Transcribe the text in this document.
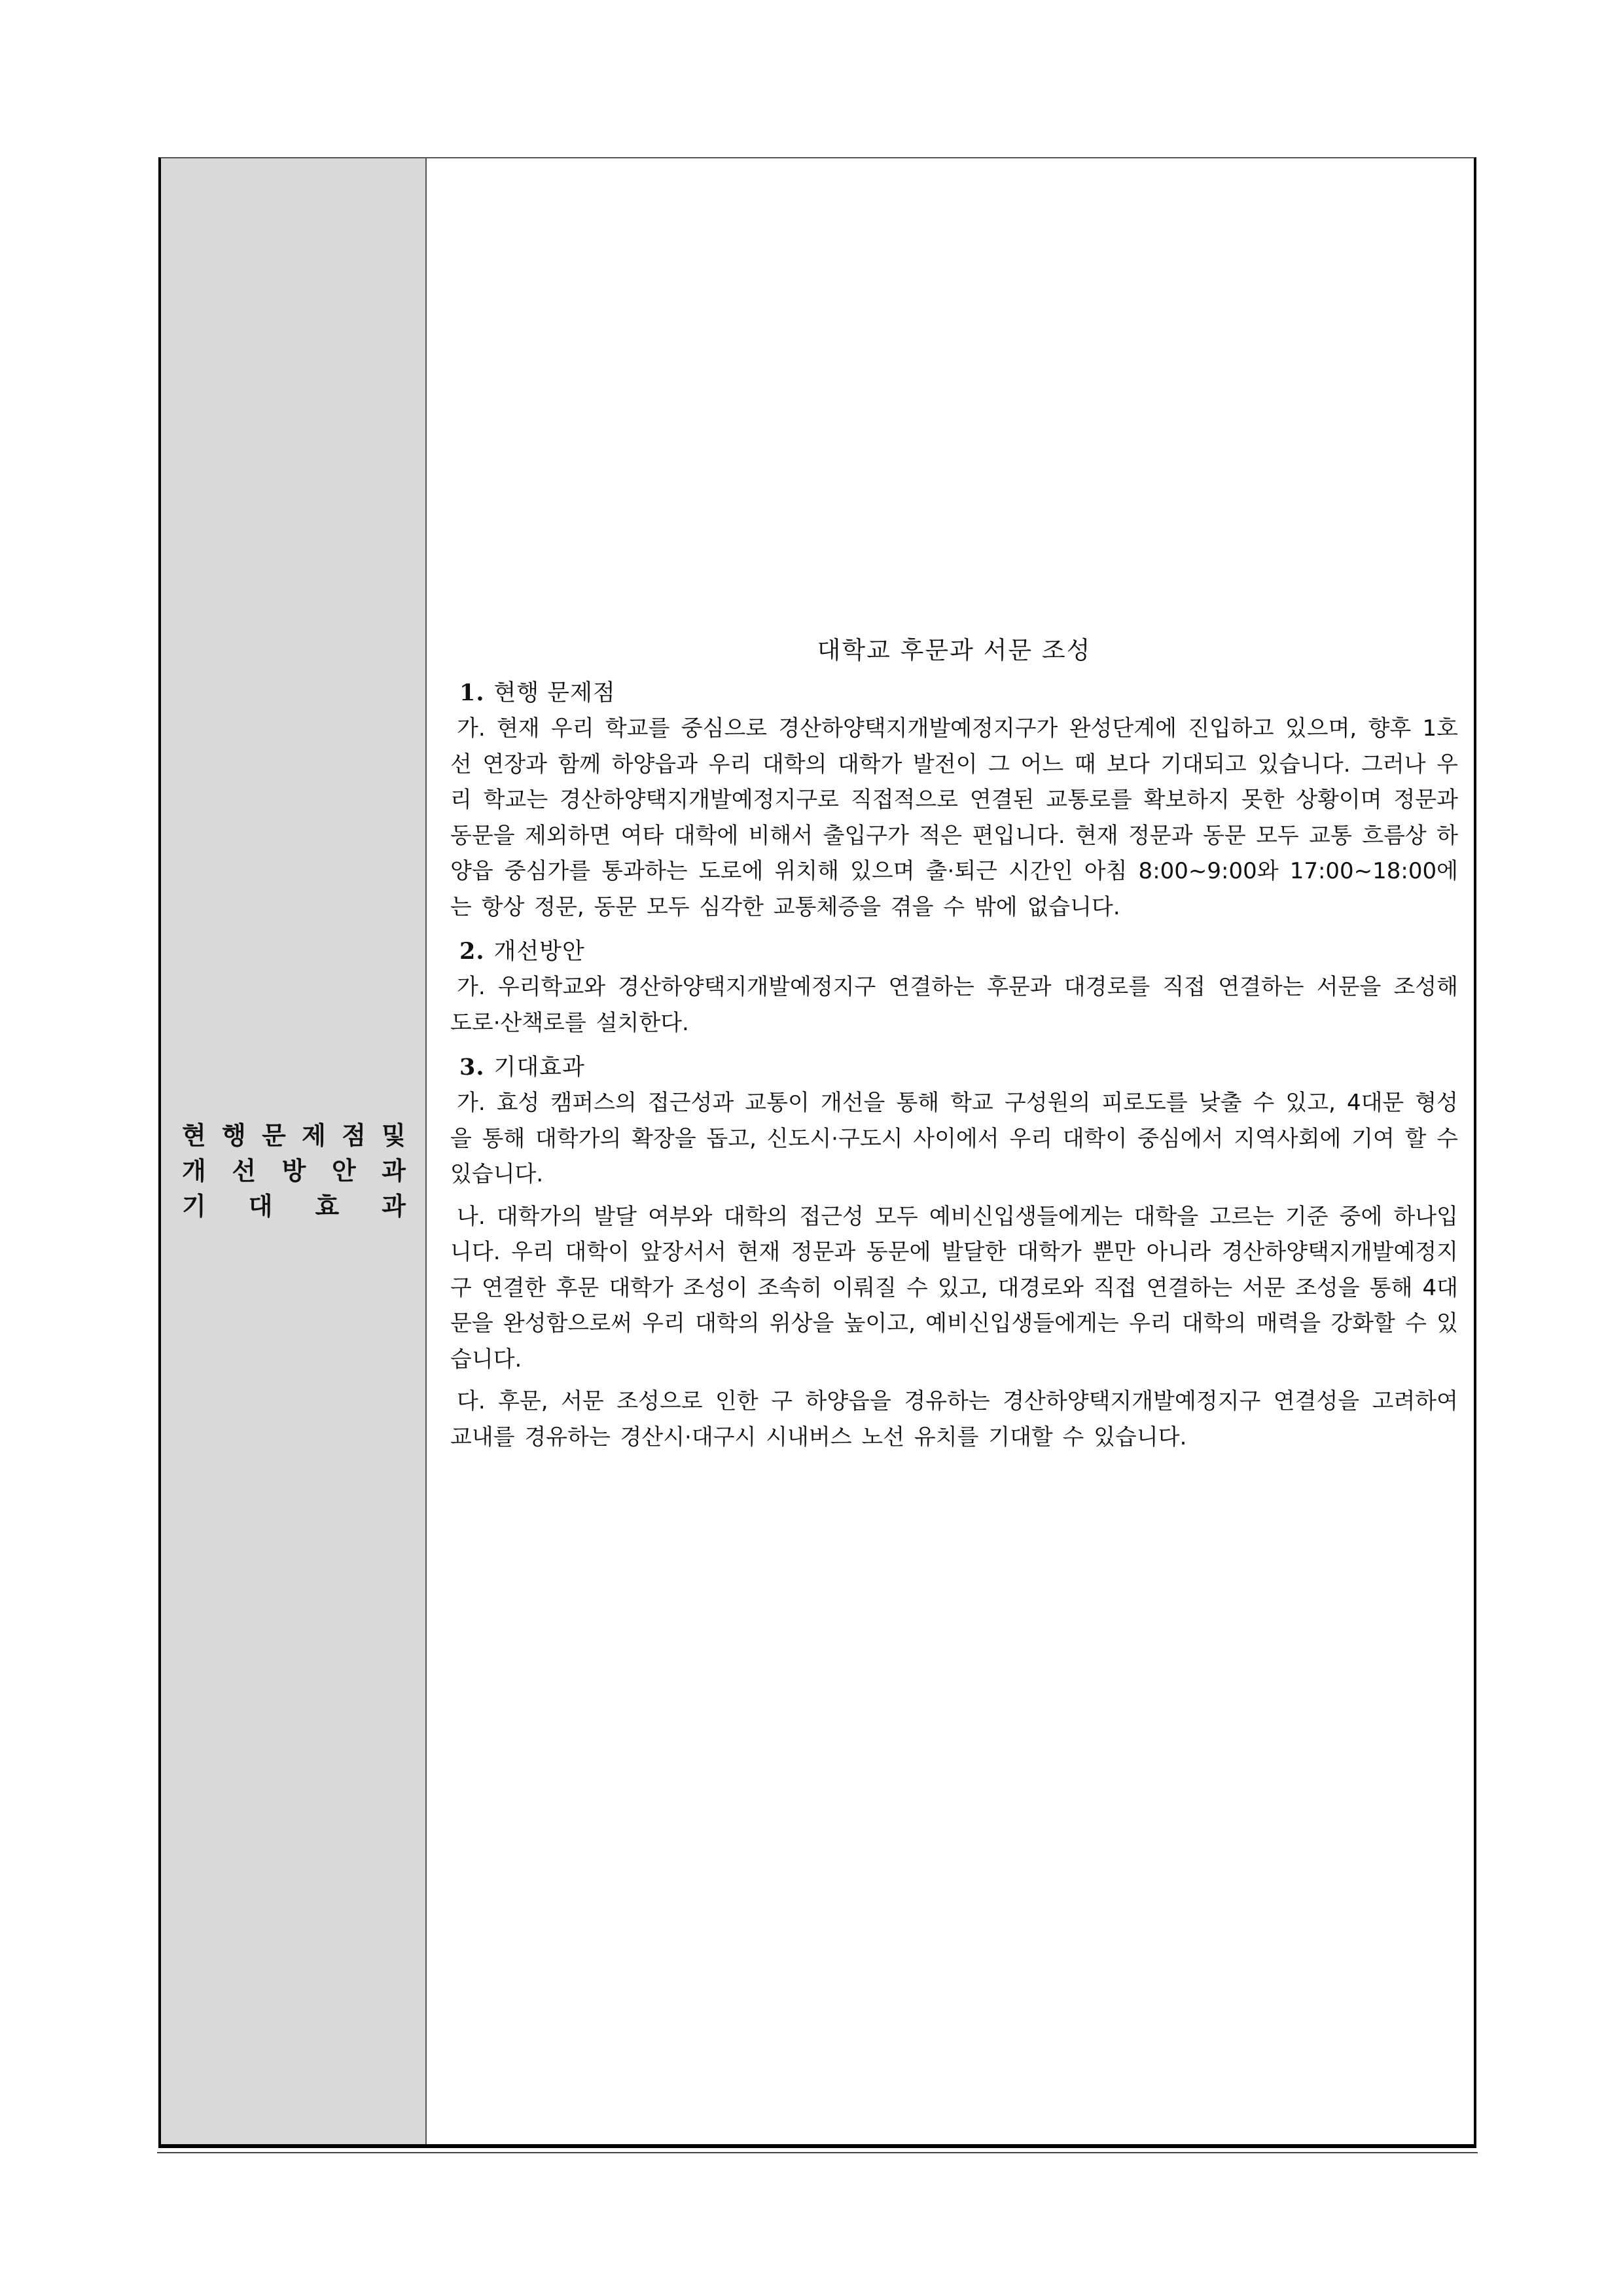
현 행 문 제 점 및
개 선 방 안 과
기 대 효 과
대학교 후문과 서문 조성
1. 현행 문제점

가. 현재 우리 학교를 중심으로 경산하양택지개발예정지구가 완성단계에 진입하고 있으며, 향후 1호선 연장과 함께 하양읍과 우리 대학의 대학가 발전이 그 어느 때 보다 기대되고 있습니다. 그러나 우리 학교는 경산하양택지개발예정지구로 직접적으로 연결된 교통로를 확보하지 못한 상황이며 정문과 동문을 제외하면 여타 대학에 비해서 출입구가 적은 편입니다. 현재 정문과 동문 모두 교통 흐름상 하양읍 중심가를 통과하는 도로에 위치해 있으며 출·퇴근 시간인 아침 8:00~9:00와 17:00~18:00에는 항상 정문, 동문 모두 심각한 교통체증을 겪을 수 밖에 없습니다.

2. 개선방안

가. 우리학교와 경산하양택지개발예정지구 연결하는 후문과 대경로를 직접 연결하는 서문을 조성해 도로·산책로를 설치한다.

3. 기대효과

가. 효성 캠퍼스의 접근성과 교통이 개선을 통해 학교 구성원의 피로도를 낮출 수 있고, 4대문 형성을 통해 대학가의 확장을 돕고, 신도시·구도시 사이에서 우리 대학이 중심에서 지역사회에 기여 할 수 있습니다.

나. 대학가의 발달 여부와 대학의 접근성 모두 예비신입생들에게는 대학을 고르는 기준 중에 하나입니다. 우리 대학이 앞장서서 현재 정문과 동문에 발달한 대학가 뿐만 아니라 경산하양택지개발예정지구 연결한 후문 대학가 조성이 조속히 이뤄질 수 있고, 대경로와 직접 연결하는 서문 조성을 통해 4대문을 완성함으로써 우리 대학의 위상을 높이고, 예비신입생들에게는 우리 대학의 매력을 강화할 수 있습니다.

다. 후문, 서문 조성으로 인한 구 하양읍을 경유하는 경산하양택지개발예정지구 연결성을 고려하여 교내를 경유하는 경산시·대구시 시내버스 노선 유치를 기대할 수 있습니다.
